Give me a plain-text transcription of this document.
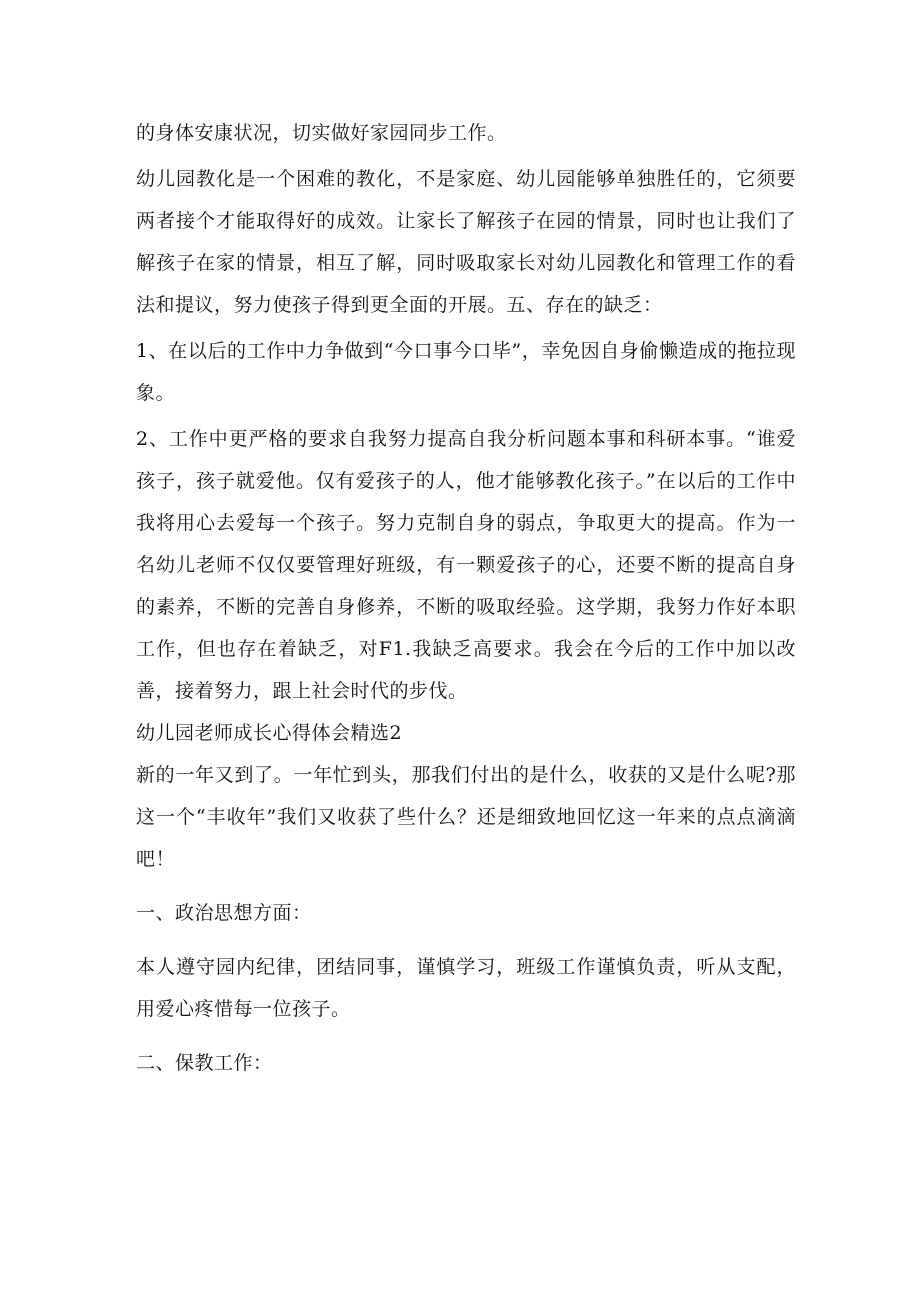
的身体安康状况，切实做好家园同步工作。

幼儿园教化是一个困难的教化，不是家庭、幼儿园能够单独胜任的，它须要两者接个才能取得好的成效。让家长了解孩子在园的情景，同时也让我们了解孩子在家的情景，相互了解，同时吸取家长对幼儿园教化和管理工作的看法和提议，努力使孩子得到更全面的开展。五、存在的缺乏：

1、在以后的工作中力争做到“今口事今口毕”，幸免因自身偷懒造成的拖拉现象。

2、工作中更严格的要求自我努力提高自我分析问题本事和科研本事。“谁爱孩子，孩子就爱他。仅有爱孩子的人，他才能够教化孩子。”在以后的工作中我将用心去爱每一个孩子。努力克制自身的弱点，争取更大的提高。作为一名幼儿老师不仅仅要管理好班级，有一颗爱孩子的心，还要不断的提高自身的素养，不断的完善自身修养，不断的吸取经验。这学期，我努力作好本职工作，但也存在着缺乏，对F1.我缺乏高要求。我会在今后的工作中加以改善，接着努力，跟上社会时代的步伐。

幼儿园老师成长心得体会精选2

新的一年又到了。一年忙到头，那我们付出的是什么，收获的又是什么呢?那这一个“丰收年”我们又收获了些什么？还是细致地回忆这一年来的点点滴滴吧！

一、政治思想方面：

本人遵守园内纪律，团结同事，谨慎学习，班级工作谨慎负责，听从支配，用爱心疼惜每一位孩子。

二、保教工作：
